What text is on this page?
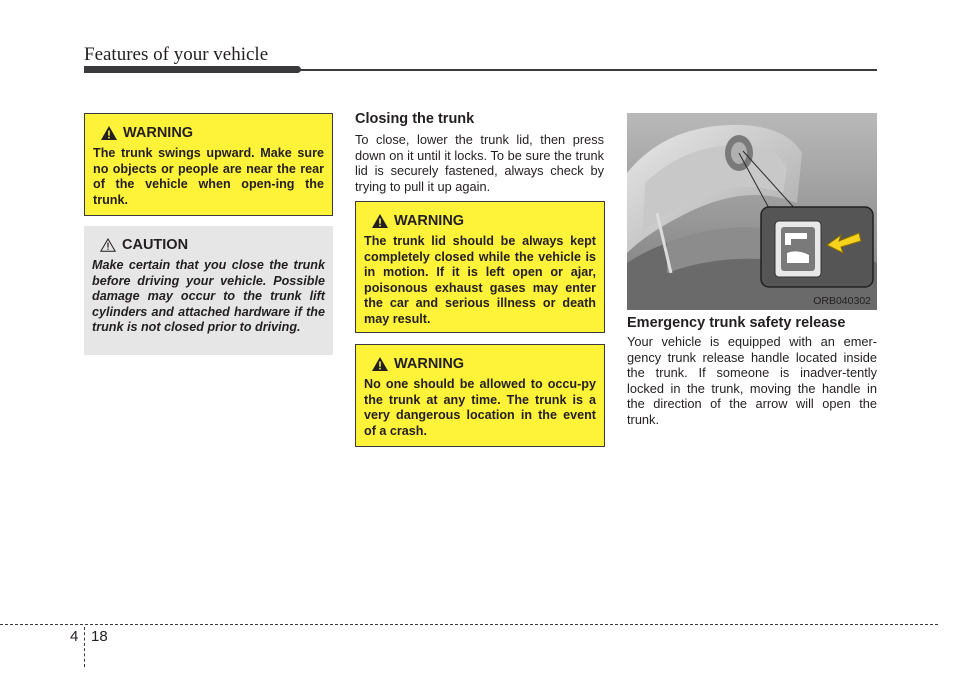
Features of your vehicle
WARNING
The trunk swings upward. Make sure no objects or people are near the rear of the vehicle when open-ing the trunk.
CAUTION
Make certain that you close the trunk before driving your vehicle. Possible damage may occur to the trunk lift cylinders and attached hardware if the trunk is not closed prior to driving.
Closing the trunk
To close, lower the trunk lid, then press down on it until it locks. To be sure the trunk lid is securely fastened, always check by trying to pull it up again.
WARNING
The trunk lid should be always kept completely closed while the vehicle is in motion. If it is left open or ajar, poisonous exhaust gases may enter the car and serious illness or death may result.
WARNING
No one should be allowed to occu-py the trunk at any time. The trunk is a very dangerous location in the event of a crash.
ORB040302
Emergency trunk safety release
Your vehicle is equipped with an emer-gency trunk release handle located inside the trunk. If someone is inadver-tently locked in the trunk, moving the handle in the direction of the arrow will open the trunk.
4 18
